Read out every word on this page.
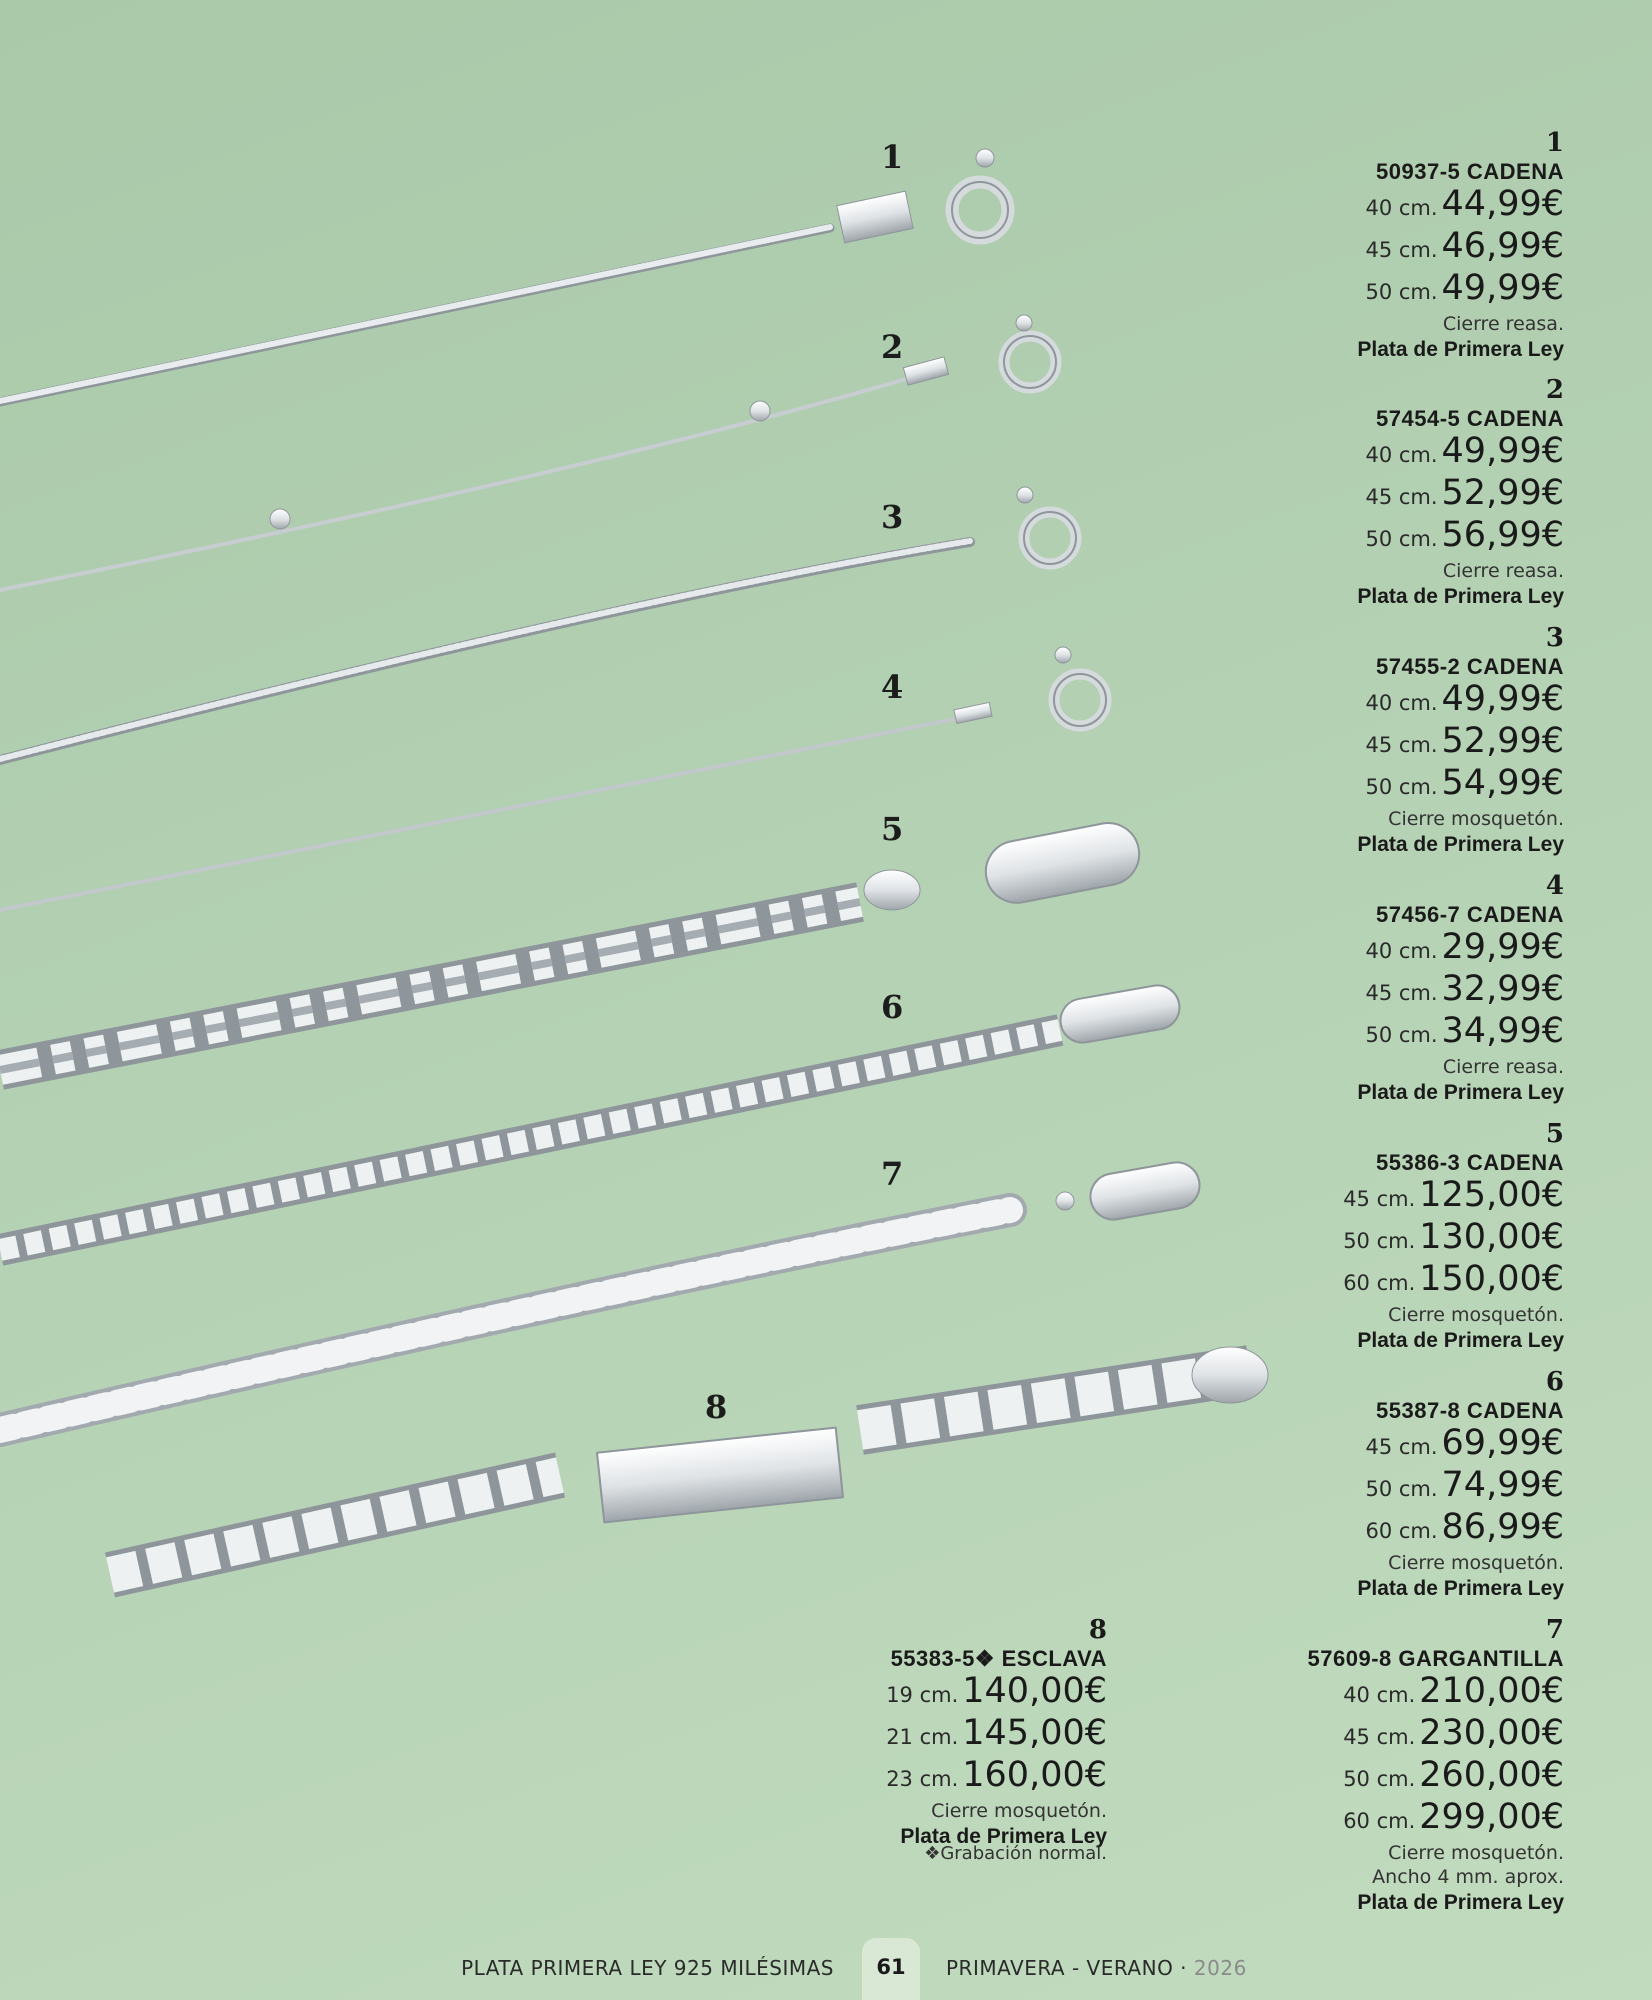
1
2
3
4
5
6
7
8
1
50937-5 CADENA
40 cm. 44,99€
45 cm. 46,99€
50 cm. 49,99€
Cierre reasa.
Plata de Primera Ley
2
57454-5 CADENA
40 cm. 49,99€
45 cm. 52,99€
50 cm. 56,99€
Cierre reasa.
Plata de Primera Ley
3
57455-2 CADENA
40 cm. 49,99€
45 cm. 52,99€
50 cm. 54,99€
Cierre mosquetón.
Plata de Primera Ley
4
57456-7 CADENA
40 cm. 29,99€
45 cm. 32,99€
50 cm. 34,99€
Cierre reasa.
Plata de Primera Ley
5
55386-3 CADENA
45 cm. 125,00€
50 cm. 130,00€
60 cm. 150,00€
Cierre mosquetón.
Plata de Primera Ley
6
55387-8 CADENA
45 cm. 69,99€
50 cm. 74,99€
60 cm. 86,99€
Cierre mosquetón.
Plata de Primera Ley
7
57609-8 GARGANTILLA
40 cm. 210,00€
45 cm. 230,00€
50 cm. 260,00€
60 cm. 299,00€
Cierre mosquetón.
Ancho 4 mm. aprox.
Plata de Primera Ley
8
55383-5❖ ESCLAVA
19 cm. 140,00€
21 cm. 145,00€
23 cm. 160,00€
Cierre mosquetón.
Plata de Primera Ley
❖Grabación normal.
PLATA PRIMERA LEY 925 MILÉSIMAS	61	PRIMAVERA - VERANO · 2026
